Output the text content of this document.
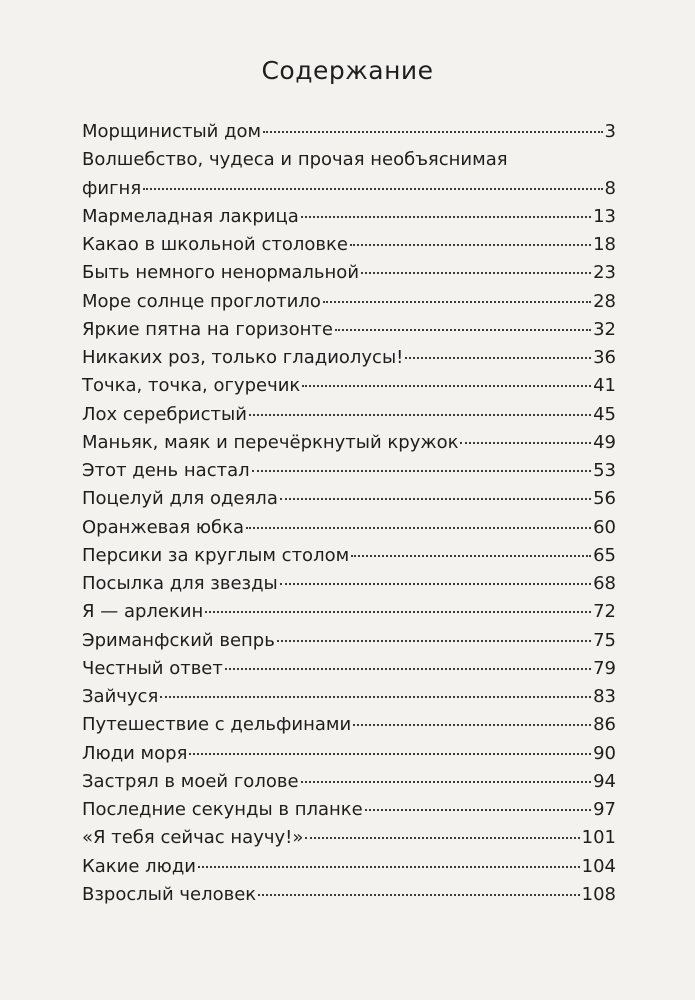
Содержание
Морщинистый дом	3
Волшебство, чудеса и прочая необъяснимая
фигня	8
Мармеладная лакрица	13
Какао в школьной столовке	18
Быть немного ненормальной	23
Море солнце проглотило	28
Яркие пятна на горизонте	32
Никаких роз, только гладиолусы!	36
Точка, точка, огуречик	41
Лох серебристый	45
Маньяк, маяк и перечёркнутый кружок	49
Этот день настал	53
Поцелуй для одеяла	56
Оранжевая юбка	60
Персики за круглым столом	65
Посылка для звезды	68
Я — арлекин	72
Эриманфский вепрь	75
Честный ответ	79
Зайчуся	83
Путешествие с дельфинами	86
Люди моря	90
Застрял в моей голове	94
Последние секунды в планке	97
«Я тебя сейчас научу!»	101
Какие люди	104
Взрослый человек	108
